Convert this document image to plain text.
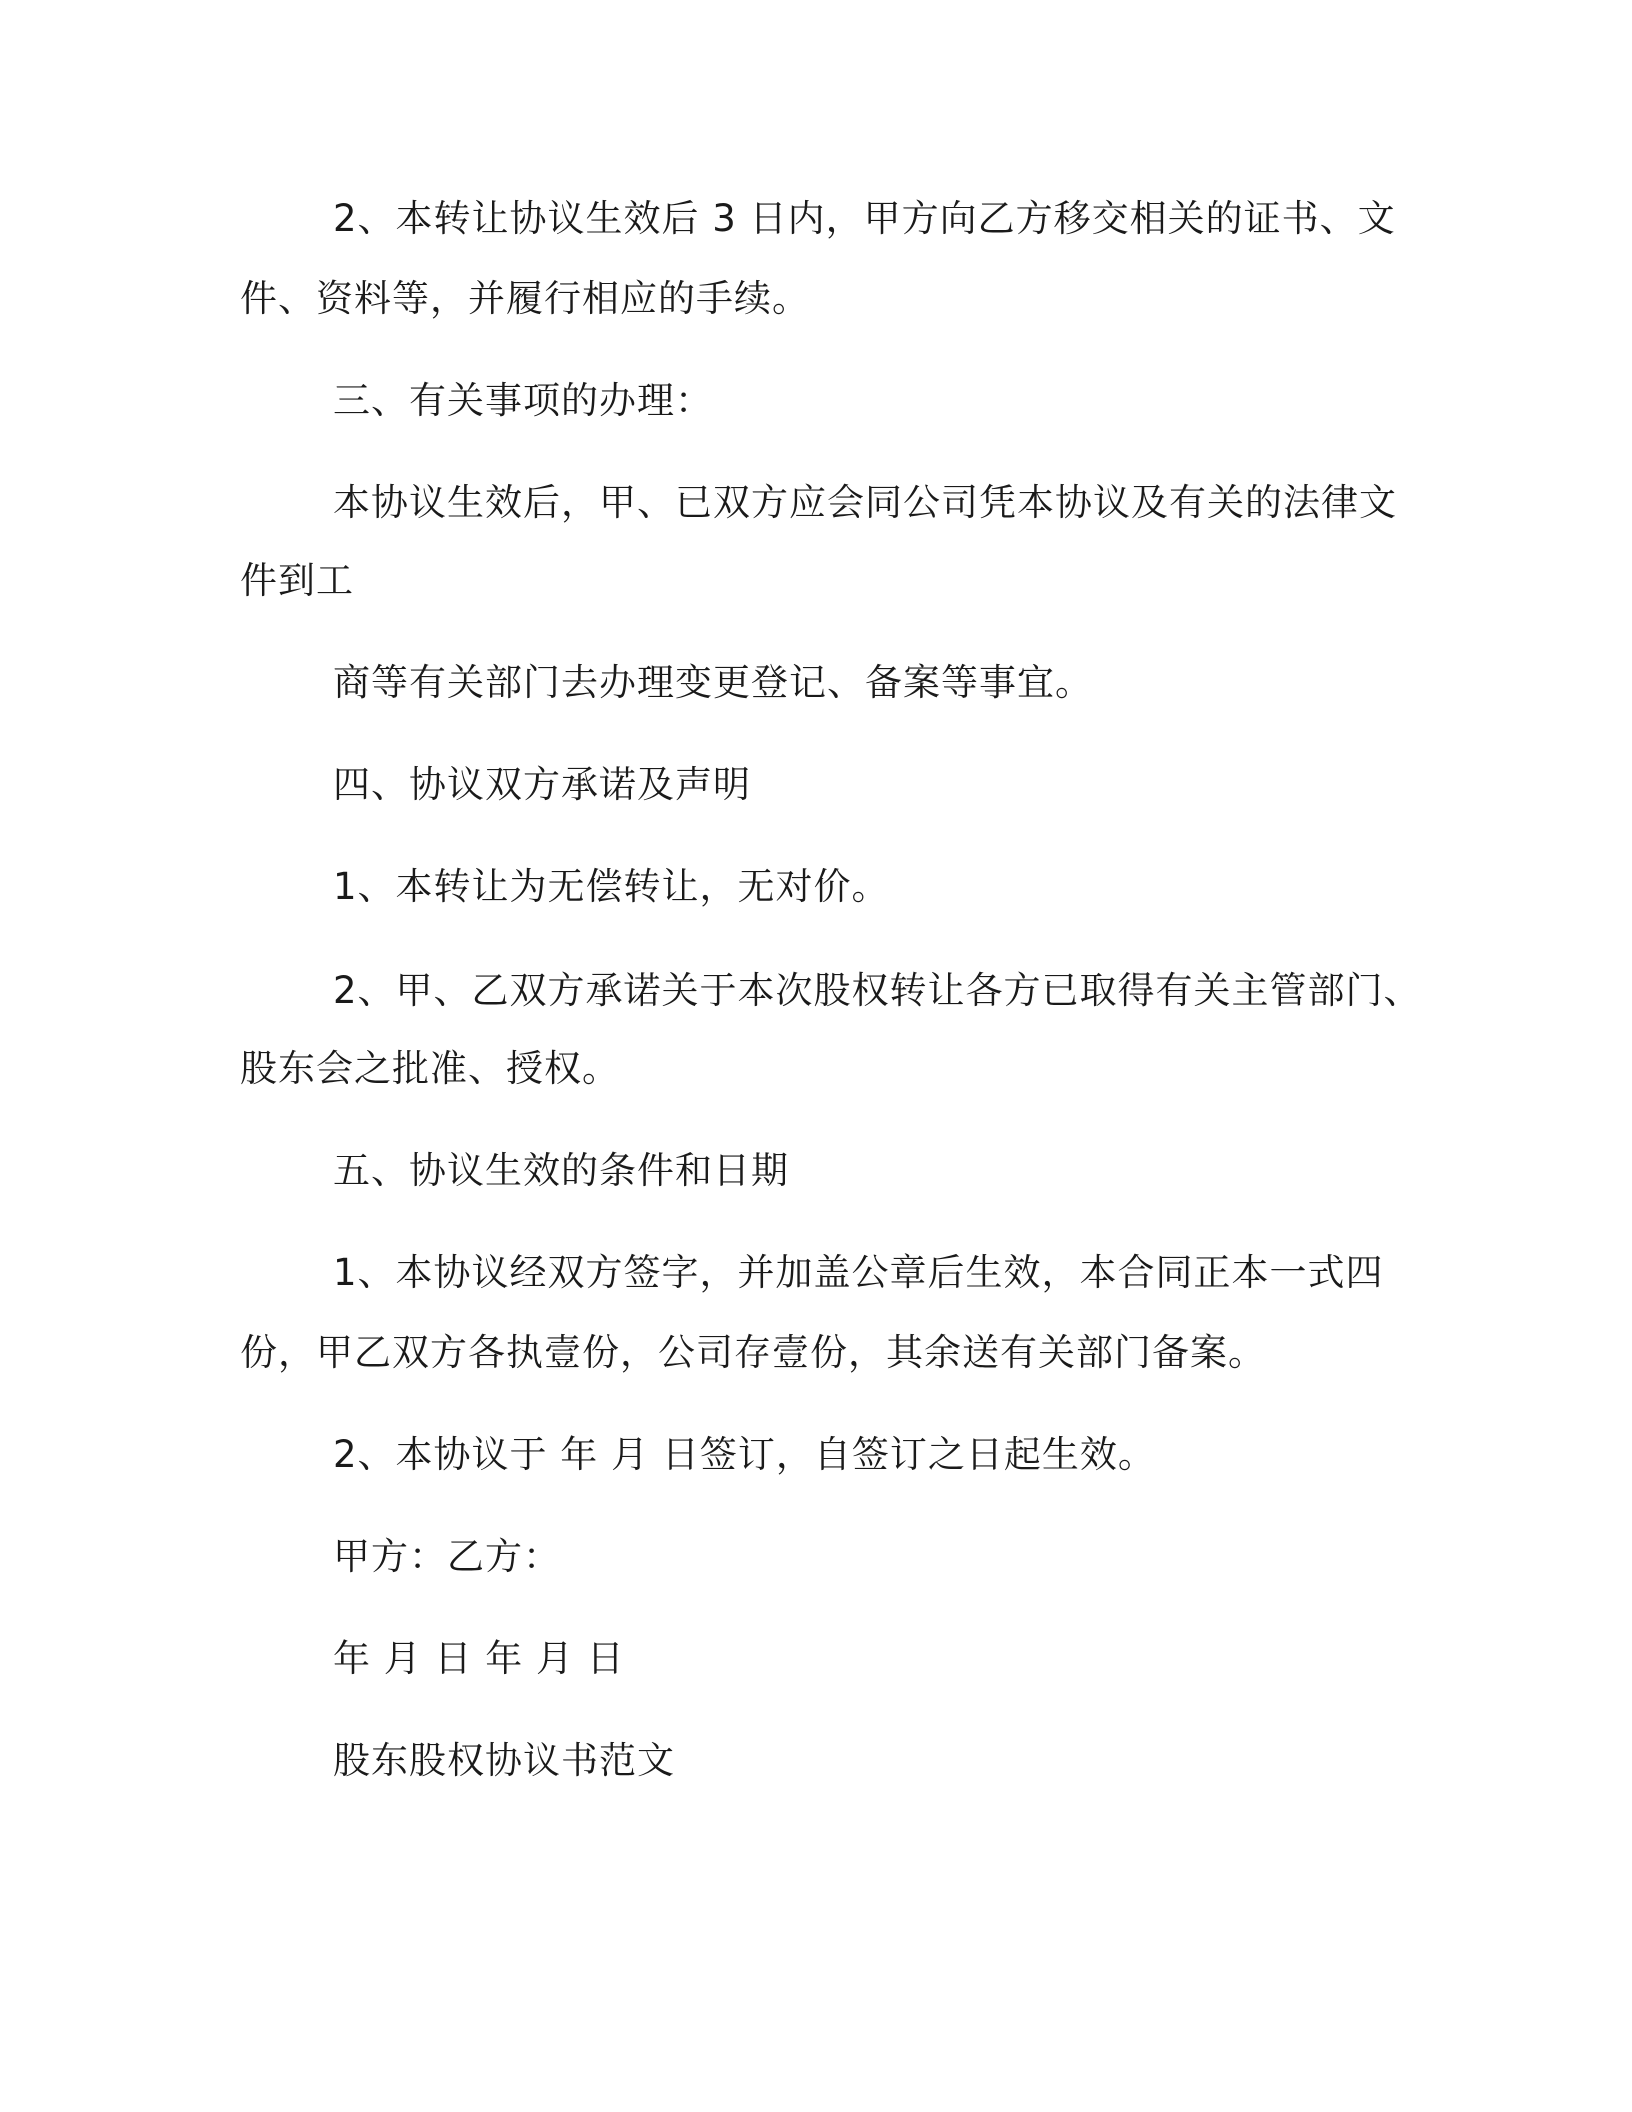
2、本转让协议生效后 3 日内，甲方向乙方移交相关的证书、文
件、资料等，并履行相应的手续。
三、有关事项的办理：
本协议生效后，甲、已双方应会同公司凭本协议及有关的法律文
件到工
商等有关部门去办理变更登记、备案等事宜。
四、协议双方承诺及声明
1、本转让为无偿转让，无对价。
2、甲、乙双方承诺关于本次股权转让各方已取得有关主管部门、
股东会之批准、授权。
五、协议生效的条件和日期
1、本协议经双方签字，并加盖公章后生效，本合同正本一式四
份，甲乙双方各执壹份，公司存壹份，其余送有关部门备案。
2、本协议于 年 月 日签订，自签订之日起生效。
甲方：乙方：
年 月 日 年 月 日
股东股权协议书范文
